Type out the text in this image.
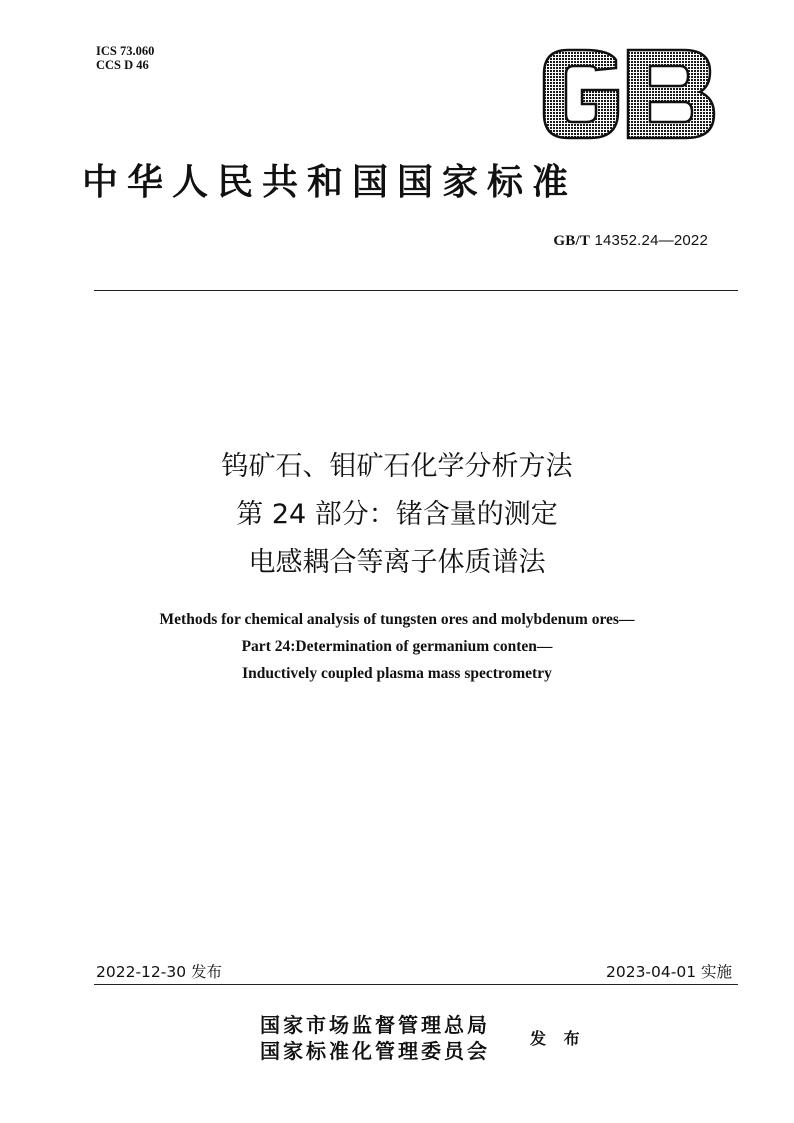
ICS 73.060
CCS D 46
中华人民共和国国家标准
GB/T 14352.24—2022
钨矿石、钼矿石化学分析方法
第 24 部分：锗含量的测定
电感耦合等离子体质谱法
Methods for chemical analysis of tungsten ores and molybdenum ores—
Part 24:Determination of germanium conten—
Inductively coupled plasma mass spectrometry
2022-12-30 发布	2023-04-01 实施
国家市场监督管理总局
国家标准化管理委员会
发 布
